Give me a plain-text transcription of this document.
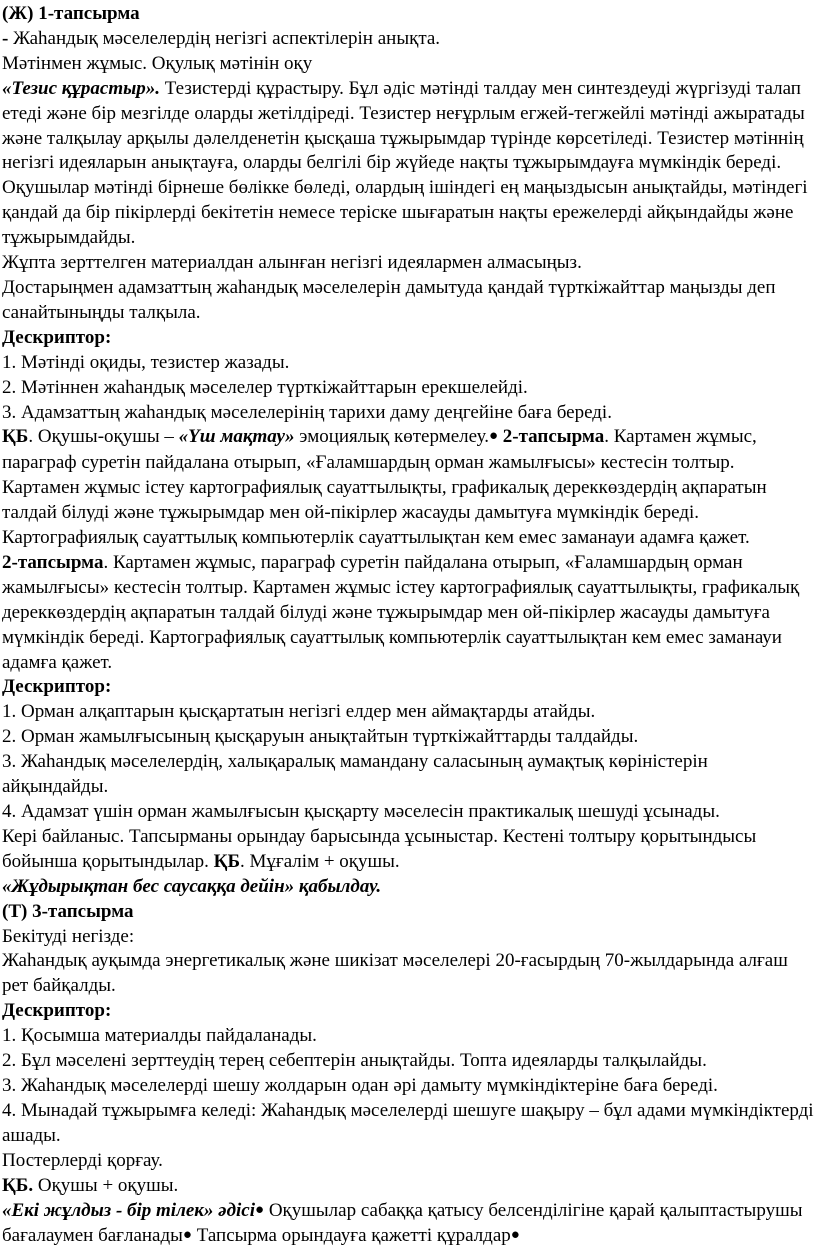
(Ж) 1-тапсырма

- Жаһандық мәселелердің негізгі аспектілерін анықта.

Мәтінмен жұмыс. Оқулық мәтінін оқу

«Тезис құрастыр». Тезистерді құрастыру. Бұл әдіс мәтінді талдау мен синтездеуді жүргізуді талап етеді және бір мезгілде оларды жетілдіреді. Тезистер неғұрлым егжей-тегжейлі мәтінді ажыратады және талқылау арқылы дәлелденетін қысқаша тұжырымдар түрінде көрсетіледі. Тезистер мәтіннің негізгі идеяларын анықтауға, оларды белгілі бір жүйеде нақты тұжырымдауға мүмкіндік береді. Оқушылар мәтінді бірнеше бөлікке бөледі, олардың ішіндегі ең маңыздысын анықтайды, мәтіндегі қандай да бір пікірлерді бекітетін немесе теріске шығаратын нақты ережелерді айқындайды және тұжырымдайды.

Жұпта зерттелген материалдан алынған негізгі идеялармен алмасыңыз.

Достарыңмен адамзаттың жаһандық мәселелерін дамытуда қандай түрткіжайттар маңызды деп санайтыныңды талқыла.

Дескриптор:

1. Мәтінді оқиды, тезистер жазады.

2. Мәтіннен жаһандық мәселелер түрткіжайттарын ерекшелейді.

3. Адамзаттың жаһандық мәселелерінің тарихи даму деңгейіне баға береді.

ҚБ. Оқушы-оқушы – «Үш мақтау» эмоциялық көтермелеу.● 2-тапсырма. Картамен жұмыс, параграф суретін пайдалана отырып, «Ғаламшардың орман жамылғысы» кестесін толтыр. Картамен жұмыс істеу картографиялық сауаттылықты, графикалық дереккөздердің ақпаратын талдай білуді және тұжырымдар мен ой-пікірлер жасауды дамытуға мүмкіндік береді. Картографиялық сауаттылық компьютерлік сауаттылықтан кем емес заманауи адамға қажет.

2-тапсырма. Картамен жұмыс, параграф суретін пайдалана отырып, «Ғаламшардың орман жамылғысы» кестесін толтыр. Картамен жұмыс істеу картографиялық сауаттылықты, графикалық дереккөздердің ақпаратын талдай білуді және тұжырымдар мен ой-пікірлер жасауды дамытуға мүмкіндік береді. Картографиялық сауаттылық компьютерлік сауаттылықтан кем емес заманауи адамға қажет.

Дескриптор:

1. Орман алқаптарын қысқартатын негізгі елдер мен аймақтарды атайды.

2. Орман жамылғысының қысқаруын анықтайтын түрткіжайттарды талдайды.

3. Жаһандық мәселелердің, халықаралық мамандану саласының аумақтық көріністерін айқындайды.

4. Адамзат үшін орман жамылғысын қысқарту мәселесін практикалық шешуді ұсынады.

Кері байланыс. Тапсырманы орындау барысында ұсыныстар. Кестені толтыру қорытындысы бойынша қорытындылар. ҚБ. Мұғалім + оқушы.

«Жұдырықтан бес саусаққа дейін» қабылдау.

(Т) 3-тапсырма

Бекітуді негізде:

Жаһандық ауқымда энергетикалық және шикізат мәселелері 20-ғасырдың 70-жылдарында алғаш рет байқалды.

Дескриптор:

1. Қосымша материалды пайдаланады.

2. Бұл мәселені зерттеудің терең себептерін анықтайды. Топта идеяларды талқылайды.

3. Жаһандық мәселелерді шешу жолдарын одан әрі дамыту мүмкіндіктеріне баға береді.

4. Мынадай тұжырымға келеді: Жаһандық мәселелерді шешуге шақыру – бұл адами мүмкіндіктерді ашады.

Постерлерді қорғау.

ҚБ. Оқушы + оқушы.

«Екі жұлдыз - бір тілек» әдісі● Оқушылар сабаққа қатысу белсенділігіне қарай қалыптастырушы бағалаумен бағланады● Тапсырма орындауға қажетті құралдар●
